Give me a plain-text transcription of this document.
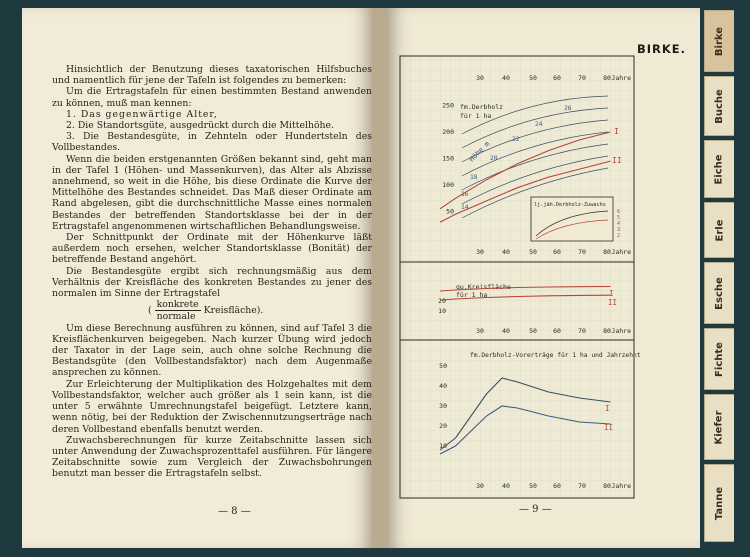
Hinsichtlich der Benutzung dieses taxatorischen Hilfsbuches und namentlich für jene der Tafeln ist folgendes zu bemerken:

Um die Ertragstafeln für einen bestimmten Bestand anwenden zu können, muß man kennen:

1. Das gegenwärtige Alter,

2. Die Standortsgüte, ausgedrückt durch die Mittelhöhe.

3. Die Bestandesgüte, in Zehnteln oder Hundertsteln des Vollbestandes.

Wenn die beiden erstgenannten Größen bekannt sind, geht man in der Tafel 1 (Höhen- und Massenkurven), das Alter als Abzisse annehmend, so weit in die Höhe, bis diese Ordinate die Kurve der Mittelhöhe des Bestandes schneidet. Das Maß dieser Ordinate am Rand abgelesen, gibt die durchschnittliche Masse eines normalen Bestandes der betreffenden Standortsklasse bei der in der Ertragstafel angenommenen wirtschaftlichen Behandlungsweise.

Der Schnittpunkt der Ordinate mit der Höhenkurve läßt außerdem noch ersehen, welcher Standortsklasse (Bonität) der betreffende Bestand angehört.

Die Bestandesgüte ergibt sich rechnungsmäßig aus dem Verhältnis der Kreisfläche des konkreten Bestandes zu jener des normalen im Sinne der Ertragstafel

( $\frac{\text{konkrete}}{\text{normale}}$ Kreisfläche).

Um diese Berechnung ausführen zu können, sind auf Tafel 3 die Kreisflächenkurven beigegeben. Nach kurzer Übung wird jedoch der Taxator in der Lage sein, auch ohne solche Rechnung die Bestandsgüte (den Vollbestandsfaktor) nach dem Augenmaße ansprechen zu können.

Zur Erleichterung der Multiplikation des Holzgehaltes mit dem Vollbestandsfaktor, welcher auch größer als 1 sein kann, ist die unter 5 erwähnte Umrechnungstafel beigefügt. Letztere kann, wenn nötig, bei der Reduktion der Zwischennutzungserträge nach deren Vollbestand ebenfalls benutzt werden.

Zuwachsberechnungen für kurze Zeitabschnitte lassen sich unter Anwendung der Zuwachsprozenttafel ausführen. Für längere Zeitabschnitte sowie zum Vergleich der Zuwachsbohrungen benutzt man besser die Ertragstafeln selbst.

— 8 —
BIRKE.
30	40	50 60	70	80 Jahre
30	40	50 60	70	80 Jahre
fm.Derbholz
für 1 ha
250
200
150
100
50
Höhe m
26
24
22
20
18
16
14
I
II
lj.jäh.Derbholz-Zuwachs
6
5
4
3
2
qu.Kreisfläche
für 1 ha
20
10
30	40	50 60	70	80 Jahre
I
II
fm.Derbholz-Vorerträge für 1 ha und Jahrzehnt
50
40
30
20
10
30	40	50 60	70	80 Jahre
I
II
Birke
Buche
Eiche
Erle
Esche
Fichte
Kiefer
Tanne
— 9 —
